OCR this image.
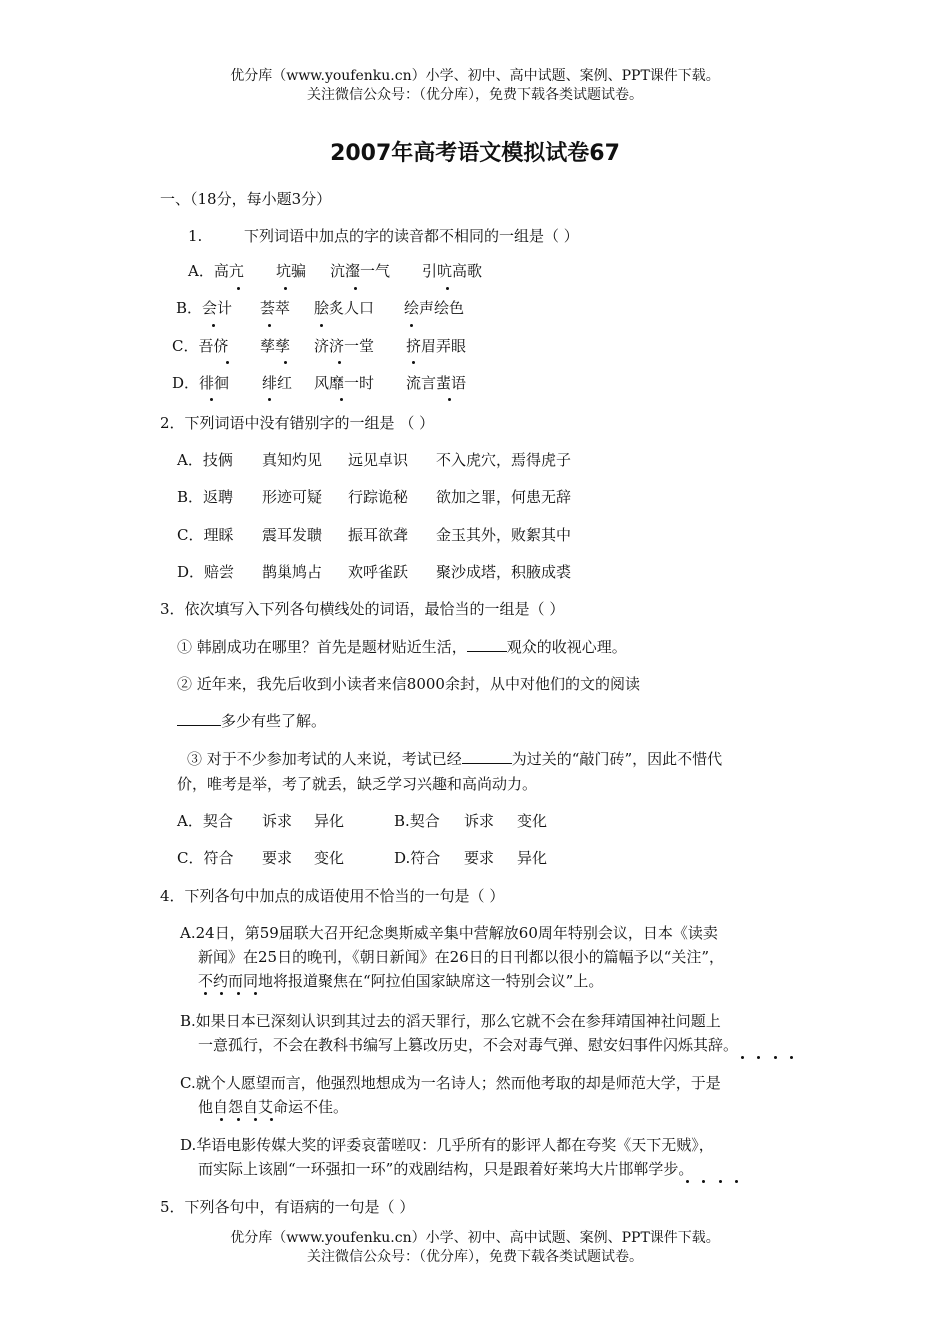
优分库（www.youfenku.cn）小学、初中、高中试题、案例、PPT课件下载。
关注微信公众号：（优分库），免费下载各类试题试卷。
2007年高考语文模拟试卷67
一、（18分，每小题3分）
1.	下列词语中加点的字的读音都不相同的一组是（ ）
A．高亢 坑骗 沆瀣一气 引吭高歌
B．会计 荟萃 脍炙人口 绘声绘色
C．吾侪 孳孳 济济一堂 挤眉弄眼
D．徘徊 绯红 风靡一时 流言蜚语
2．下列词语中没有错别字的一组是 （ ）
A．技俩 真知灼见 远见卓识 不入虎穴，焉得虎子
B．返聘 形迹可疑 行踪诡秘 欲加之罪，何患无辞
C．理睬 震耳发聩 振耳欲聋 金玉其外，败絮其中
D．赔尝 鹊巢鸠占 欢呼雀跃 聚沙成塔，积腋成裘
3．依次填写入下列各句横线处的词语，最恰当的一组是（ ）
① 韩剧成功在哪里？首先是题材贴近生活，	观众的收视心理。
② 近年来，我先后收到小读者来信8000余封，从中对他们的文的阅读
多少有些了解。
③ 对于不少参加考试的人来说，考试已经	为过关的“敲门砖”，因此不惜代
价，唯考是举，考了就丢，缺乏学习兴趣和高尚动力。
A．契合 诉求 异化	B.契合 诉求 变化
C．符合 要求 变化	D.符合 要求 异化
4．下列各句中加点的成语使用不恰当的一句是（ ）
A.24日，第59届联大召开纪念奥斯威辛集中营解放60周年特别会议，日本《读卖
新闻》在25日的晚刊，《朝日新闻》在26日的日刊都以很小的篇幅予以“关注”，
不约而同地将报道聚焦在“阿拉伯国家缺席这一特别会议”上。
B.如果日本已深刻认识到其过去的滔天罪行，那么它就不会在参拜靖国神社问题上
一意孤行，不会在教科书编写上篡改历史，不会对毒气弹、慰安妇事件闪烁其辞。
C.就个人愿望而言，他强烈地想成为一名诗人；然而他考取的却是师范大学，于是
他自怨自艾命运不佳。
D.华语电影传媒大奖的评委哀蕾嗟叹：几乎所有的影评人都在夸奖《天下无贼》，
而实际上该剧“一环强扣一环”的戏剧结构，只是跟着好莱坞大片邯郸学步。
5．下列各句中，有语病的一句是（ ）
优分库（www.youfenku.cn）小学、初中、高中试题、案例、PPT课件下载。
关注微信公众号：（优分库），免费下载各类试题试卷。
